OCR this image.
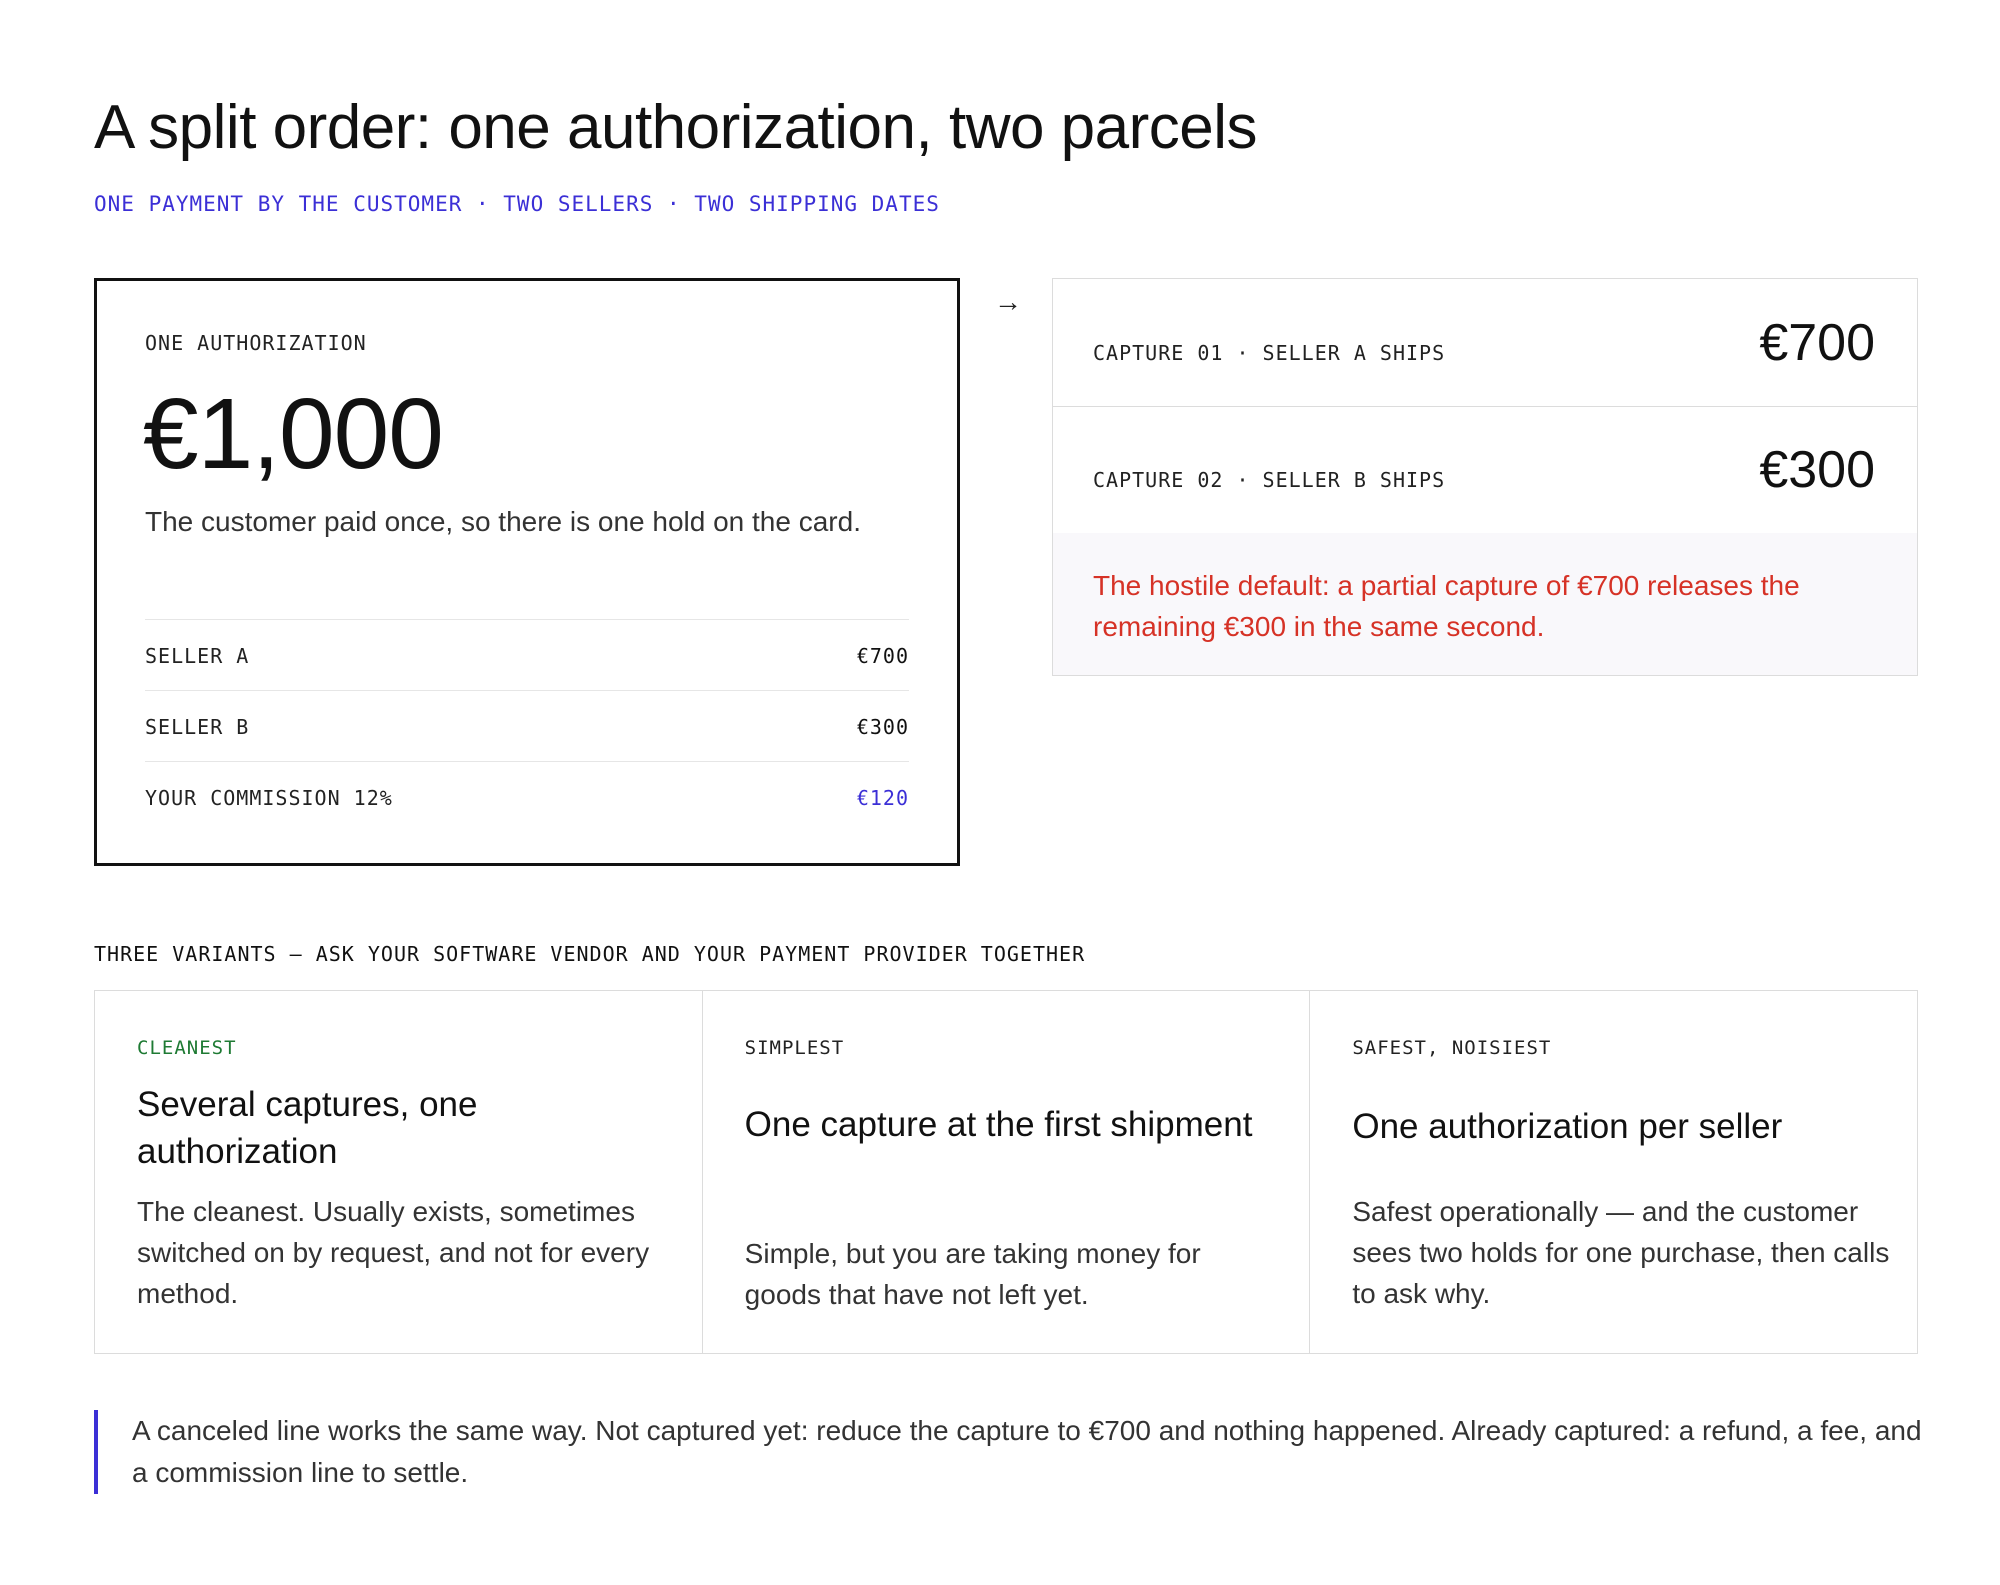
A split order: one authorization, two parcels
ONE PAYMENT BY THE CUSTOMER · TWO SELLERS · TWO SHIPPING DATES
ONE AUTHORIZATION
€1,000
The customer paid once, so there is one hold on the card.
SELLER A	€700
SELLER B	€300
YOUR COMMISSION 12%	€120
→
CAPTURE 01 · SELLER A SHIPS	€700
CAPTURE 02 · SELLER B SHIPS	€300
The hostile default: a partial capture of €700 releases the remaining €300 in the same second.
THREE VARIANTS — ASK YOUR SOFTWARE VENDOR AND YOUR PAYMENT PROVIDER TOGETHER
CLEANEST
Several captures, one authorization
The cleanest. Usually exists, sometimes switched on by request, and not for every method.
SIMPLEST
One capture at the first shipment
Simple, but you are taking money for goods that have not left yet.
SAFEST, NOISIEST
One authorization per seller
Safest operationally — and the customer sees two holds for one purchase, then calls to ask why.
A canceled line works the same way. Not captured yet: reduce the capture to €700 and nothing happened. Already captured: a refund, a fee, and a commission line to settle.
